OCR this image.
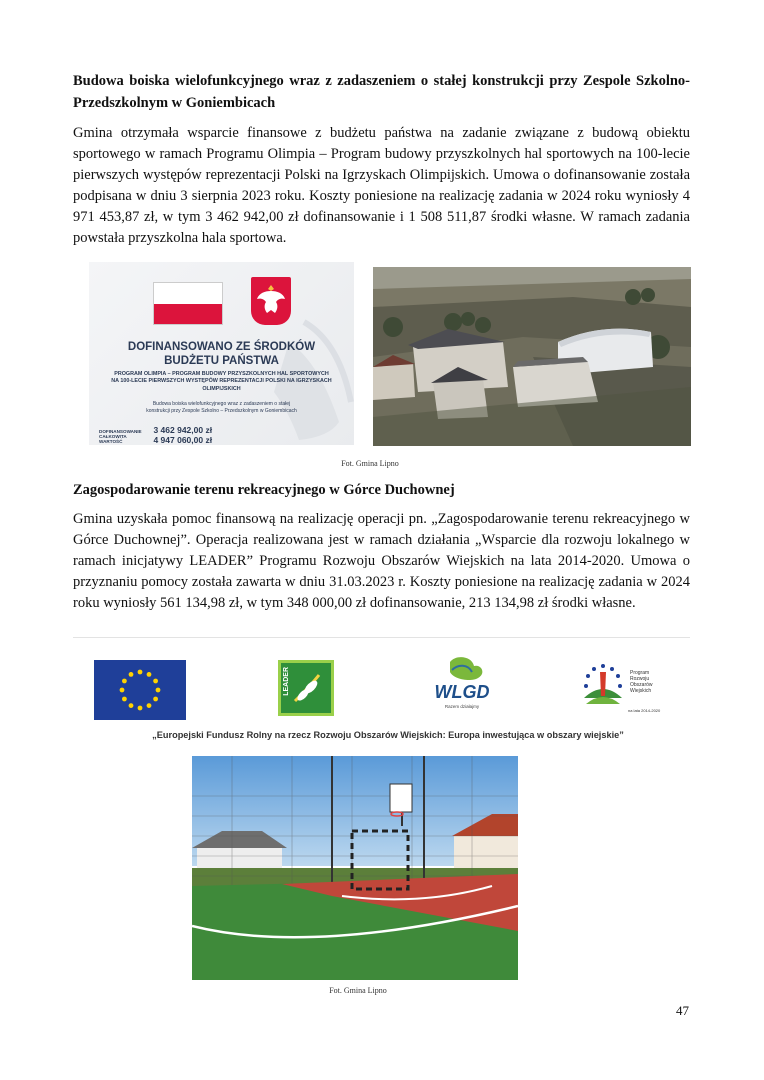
Budowa boiska wielofunkcyjnego wraz z zadaszeniem o stałej konstrukcji przy Zespole Szkolno-Przedszkolnym w Goniembicach
Gmina otrzymała wsparcie finansowe z budżetu państwa na zadanie związane z budową obiektu sportowego w ramach Programu Olimpia – Program budowy przyszkolnych hal sportowych na 100-lecie pierwszych występów reprezentacji Polski na Igrzyskach Olimpijskich. Umowa o dofinansowanie została podpisana w dniu 3 sierpnia 2023 roku. Koszty poniesione na realizację zadania w 2024 roku wyniosły 4 971 453,87 zł, w tym 3 462 942,00 zł dofinansowanie i 1 508 511,87 środki własne. W ramach zadania powstała przyszkolna hala sportowa.
DOFINANSOWANO ZE ŚRODKÓW
BUDŻETU PAŃSTWA
PROGRAM OLIMPIA – PROGRAM BUDOWY PRZYSZKOLNYCH HAL SPORTOWYCH NA 100-LECIE PIERWSZYCH WYSTĘPÓW REPREZENTACJI POLSKI NA IGRZYSKACH OLIMPIJSKICH
Budowa boiska wielofunkcyjnego wraz z zadaszeniem o stałej konstrukcji przy Zespole Szkolno – Przedszkolnym w Goniembicach
DOFINANSOWANIE 3 462 942,00 zł
CAŁKOWITA WARTOŚĆ	4 947 060,00 zł
Fot. Gmina Lipno
Zagospodarowanie terenu rekreacyjnego w Górce Duchownej
Gmina uzyskała pomoc finansową na realizację operacji pn. „Zagospodarowanie terenu rekreacyjnego w Górce Duchownej”. Operacja realizowana jest w ramach działania „Wsparcie dla rozwoju lokalnego w ramach inicjatywy LEADER” Programu Rozwoju Obszarów Wiejskich na lata 2014-2020. Umowa o przyznaniu pomocy została zawarta w dniu 31.03.2023 r. Koszty poniesione na realizację zadania w 2024 roku wyniosły 561 134,98 zł, w tym 348 000,00 zł dofinansowanie, 213 134,98 zł środki własne.
LEADER	WLGD
Razem działajmy
Program
Rozwoju
Obszarów
Wiejskich
na lata 2014-2020
„Europejski Fundusz Rolny na rzecz Rozwoju Obszarów Wiejskich: Europa inwestująca w obszary wiejskie”
Fot. Gmina Lipno
47
